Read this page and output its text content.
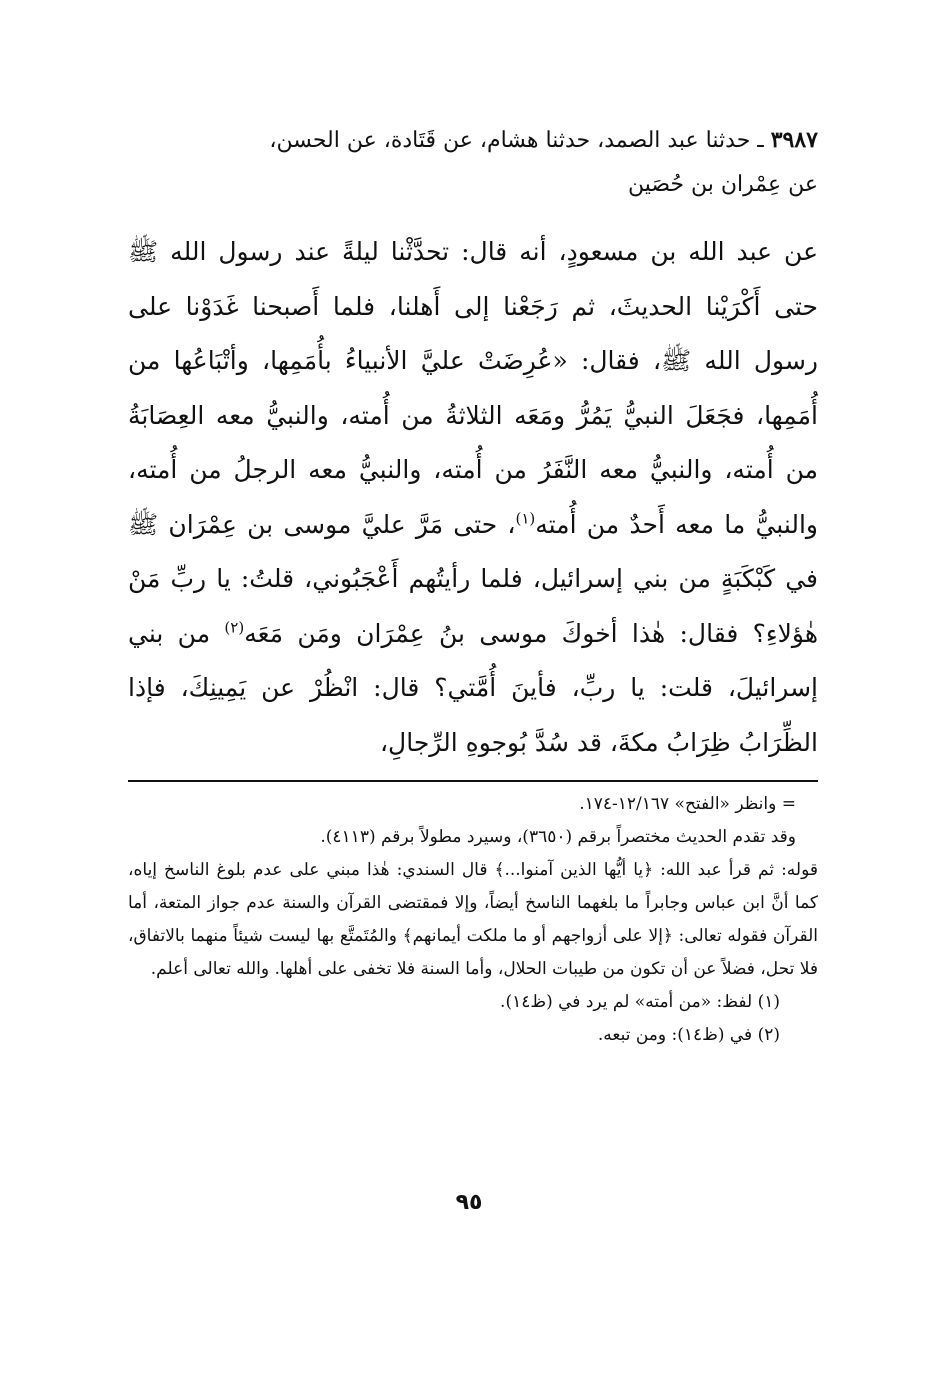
٣٩٨٧ ـ حدثنا عبد الصمد، حدثنا هشام، عن قَتَادة، عن الحسن،

عن عِمْران بن حُصَين

عن عبد الله بن مسعودٍ، أنه قال: تحدَّثْنا ليلةً عند رسول الله ﷺ حتى أَكْرَيْنا الحديثَ، ثم رَجَعْنا إلى أَهلنا، فلما أَصبحنا غَدَوْنا على رسول الله ﷺ، فقال: «عُرِضَتْ عليَّ الأنبياءُ بأُمَمِها، وأتْبَاعُها من أُمَمِها، فجَعَلَ النبيُّ يَمُرُّ ومَعَه الثلاثةُ من أُمته، والنبيُّ معه العِصَابَةُ من أُمته، والنبيُّ معه النَّفَرُ من أُمته، والنبيُّ معه الرجلُ من أُمته، والنبيُّ ما معه أَحدٌ من أُمته$^{(١)}$، حتى مَرَّ عليَّ موسى بن عِمْرَان ﷺ في كَبْكَبَةٍ من بني إسرائيل، فلما رأيتُهم أَعْجَبُوني، قلتُ: يا ربِّ مَنْ هٰؤلاءِ؟ فقال: هٰذا أخوكَ موسى بنُ عِمْرَان ومَن مَعَه$^{(٢)}$ من بني إسرائيلَ، قلت: يا ربِّ، فأينَ أُمَّتي؟ قال: انْظُرْ عن يَمِينِكَ، فإذا الظِّرَابُ ظِرَابُ مكةَ، قد سُدَّ بُوجوهِ الرِّجالِ،

= وانظر «الفتح» ١٢/١٦٧-١٧٤.

وقد تقدم الحديث مختصراً برقم (٣٦٥٠)، وسيرد مطولاً برقم (٤١١٣).

قوله: ثم قرأ عبد الله: ﴿يا أيُّها الذين آمنوا...﴾ قال السندي: هٰذا مبني على عدم بلوغ الناسخ إياه، كما أنَّ ابن عباس وجابراً ما بلغهما الناسخ أيضاً، وإلا فمقتضى القرآن والسنة عدم جواز المتعة، أما القرآن فقوله تعالى: ﴿إلا على أزواجهم أو ما ملكت أيمانهم﴾ والمُتَمتَّع بها ليست شيئاً منهما بالاتفاق، فلا تحل، فضلاً عن أن تكون من طيبات الحلال، وأما السنة فلا تخفى على أهلها. والله تعالى أعلم.

(١) لفظ: «من أمته» لم يرد في (ظ١٤).

(٢) في (ظ١٤): ومن تبعه.

٩٥
